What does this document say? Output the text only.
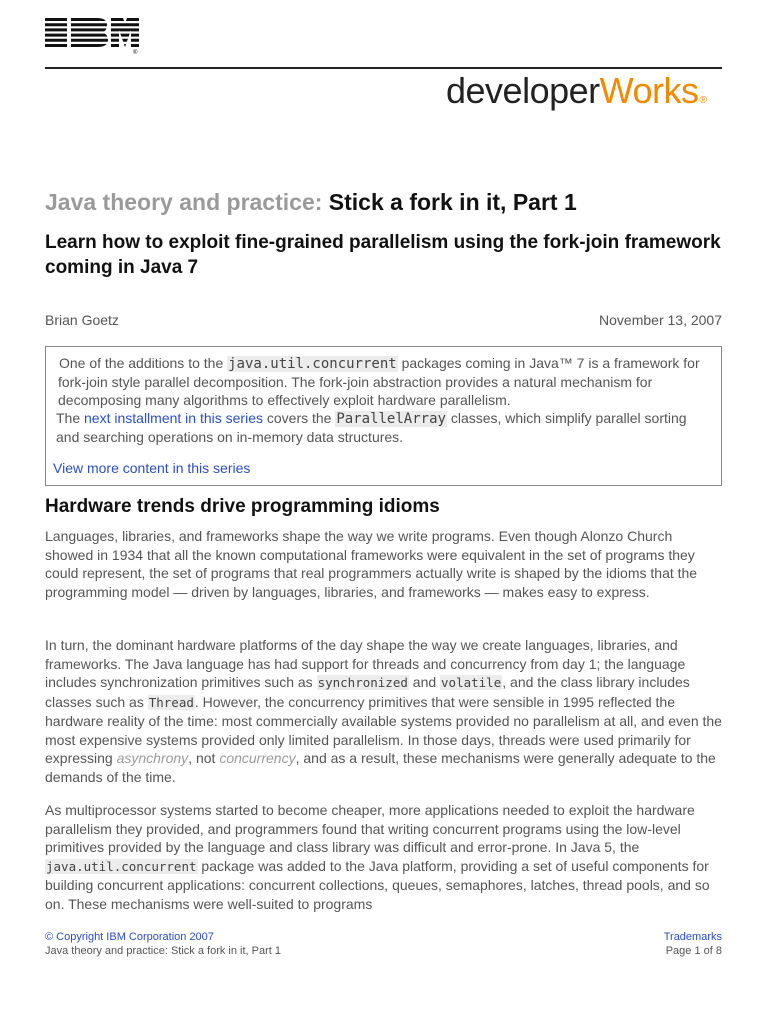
®
developerWorks®
Java theory and practice: Stick a fork in it, Part 1
Learn how to exploit fine-grained parallelism using the fork-join framework coming in Java 7
Brian Goetz	November 13, 2007

One of the additions to the java.util.concurrent packages coming in Java™ 7 is a framework for fork-join style parallel decomposition. The fork-join abstraction provides a natural mechanism for decomposing many algorithms to effectively exploit hardware parallelism.

The next installment in this series covers the ParallelArray classes, which simplify parallel sorting and searching operations on in-memory data structures.

View more content in this series
Hardware trends drive programming idioms

Languages, libraries, and frameworks shape the way we write programs. Even though Alonzo Church showed in 1934 that all the known computational frameworks were equivalent in the set of programs they could represent, the set of programs that real programmers actually write is shaped by the idioms that the programming model — driven by languages, libraries, and frameworks — makes easy to express.

In turn, the dominant hardware platforms of the day shape the way we create languages, libraries, and frameworks. The Java language has had support for threads and concurrency from day 1; the language includes synchronization primitives such as synchronized and volatile, and the class library includes classes such as Thread. However, the concurrency primitives that were sensible in 1995 reflected the hardware reality of the time: most commercially available systems provided no parallelism at all, and even the most expensive systems provided only limited parallelism. In those days, threads were used primarily for expressing asynchrony, not concurrency, and as a result, these mechanisms were generally adequate to the demands of the time.

As multiprocessor systems started to become cheaper, more applications needed to exploit the hardware parallelism they provided, and programmers found that writing concurrent programs using the low-level primitives provided by the language and class library was difficult and error-prone. In Java 5, the java.util.concurrent package was added to the Java platform, providing a set of useful components for building concurrent applications: concurrent collections, queues, semaphores, latches, thread pools, and so on. These mechanisms were well-suited to programs

© Copyright IBM Corporation 2007
Java theory and practice: Stick a fork in it, Part 1
Trademarks
Page 1 of 8
